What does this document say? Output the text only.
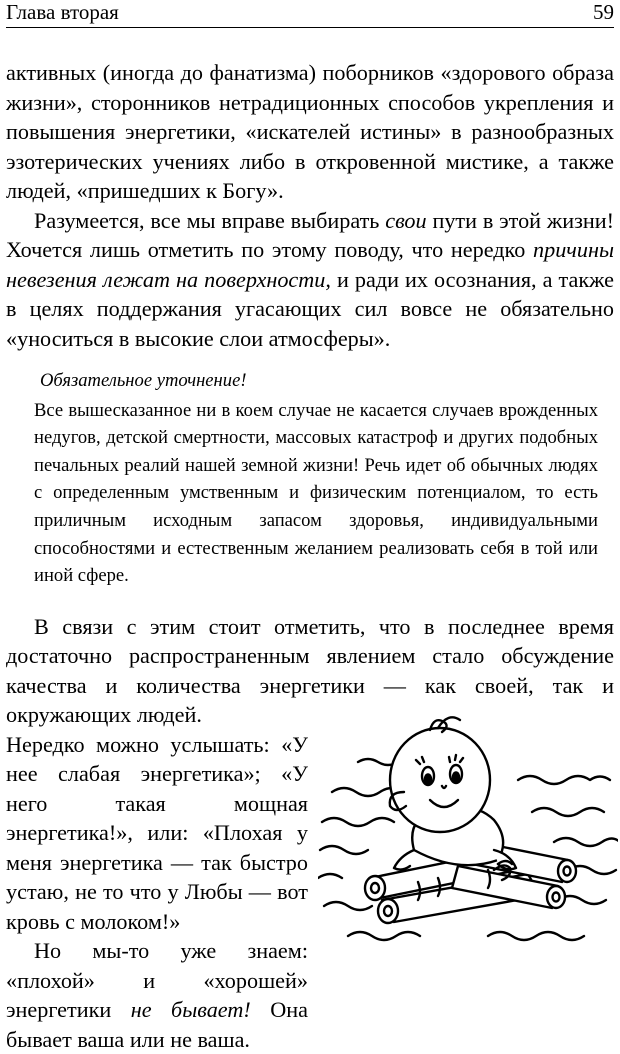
Глава вторая	59

активных (иногда до фанатизма) поборников «здорового образа жизни», сторонников нетрадиционных способов укрепления и повышения энергетики, «искателей истины» в разнообразных эзотерических учениях либо в откровенной мистике, а также людей, «пришедших к Богу».

Разумеется, все мы вправе выбирать свои пути в этой жизни! Хочется лишь отметить по этому поводу, что нередко причины невезения лежат на поверхности, и ради их осознания, а также в целях поддержания угасающих сил вовсе не обязательно «уноситься в высокие слои атмосферы».

Обязательное уточнение!

Все вышесказанное ни в коем случае не касается случаев врожденных недугов, детской смертности, массовых катастроф и других подобных печальных реалий нашей земной жизни! Речь идет об обычных людях с определенным умственным и физическим потенциалом, то есть приличным исходным запасом здоровья, индивидуальными способностями и естественным желанием реализовать себя в той или иной сфере.

В связи с этим стоит отметить, что в последнее время достаточно распространенным явлением стало обсуждение качества и количества энергетики — как своей, так и окружающих людей.

Нередко можно услышать: «У нее слабая энергетика»; «У него такая мощная энергетика!», или: «Плохая у меня энергетика — так быстро устаю, не то что у Любы — вот кровь с молоком!»

Но мы-то уже знаем: «плохой» и «хорошей» энергетики не бывает! Она бывает ваша или не ваша.
